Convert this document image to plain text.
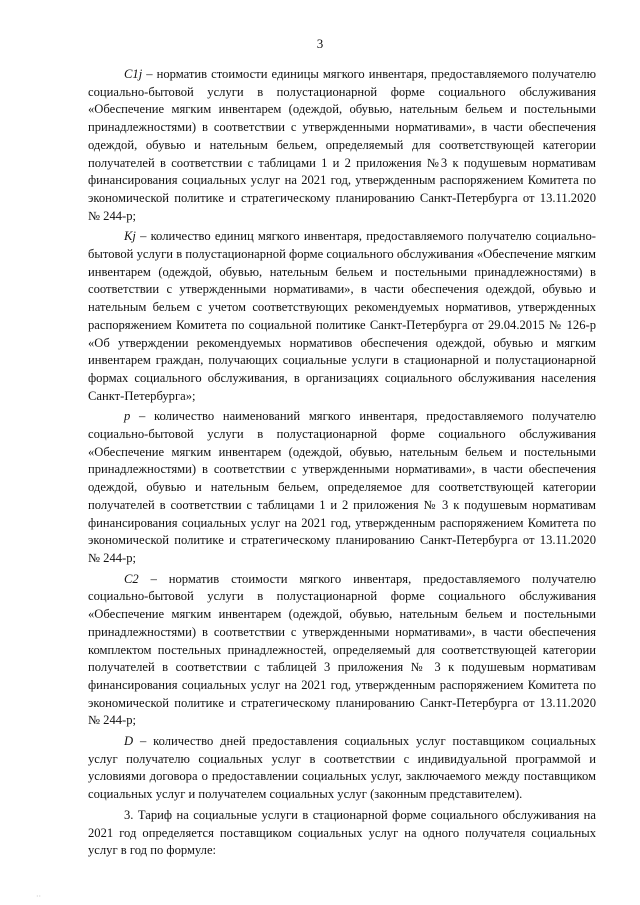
3

C1j – норматив стоимости единицы мягкого инвентаря, предоставляемого получателю социально-бытовой услуги в полустационарной форме социального обслуживания «Обеспечение мягким инвентарем (одеждой, обувью, нательным бельем и постельными принадлежностями) в соответствии с утвержденными нормативами», в части обеспечения одеждой, обувью и нательным бельем, определяемый для соответствующей категории получателей в соответствии с таблицами 1 и 2 приложения №3 к подушевым нормативам финансирования социальных услуг на 2021 год, утвержденным распоряжением Комитета по экономической политике и стратегическому планированию Санкт-Петербурга от 13.11.2020 № 244-р;

Kj – количество единиц мягкого инвентаря, предоставляемого получателю социально-бытовой услуги в полустационарной форме социального обслуживания «Обеспечение мягким инвентарем (одеждой, обувью, нательным бельем и постельными принадлежностями) в соответствии с утвержденными нормативами», в части обеспечения одеждой, обувью и нательным бельем с учетом соответствующих рекомендуемых нормативов, утвержденных распоряжением Комитета по социальной политике Санкт-Петербурга от 29.04.2015 № 126-р «Об утверждении рекомендуемых нормативов обеспечения одеждой, обувью и мягким инвентарем граждан, получающих социальные услуги в стационарной и полустационарной формах социального обслуживания, в организациях социального обслуживания населения Санкт-Петербурга»;

p – количество наименований мягкого инвентаря, предоставляемого получателю социально-бытовой услуги в полустационарной форме социального обслуживания «Обеспечение мягким инвентарем (одеждой, обувью, нательным бельем и постельными принадлежностями) в соответствии с утвержденными нормативами», в части обеспечения одеждой, обувью и нательным бельем, определяемое для соответствующей категории получателей в соответствии с таблицами 1 и 2 приложения № 3 к подушевым нормативам финансирования социальных услуг на 2021 год, утвержденным распоряжением Комитета по экономической политике и стратегическому планированию Санкт-Петербурга от 13.11.2020 № 244-р;

C2 – норматив стоимости мягкого инвентаря, предоставляемого получателю социально-бытовой услуги в полустационарной форме социального обслуживания «Обеспечение мягким инвентарем (одеждой, обувью, нательным бельем и постельными принадлежностями) в соответствии с утвержденными нормативами», в части обеспечения комплектом постельных принадлежностей, определяемый для соответствующей категории получателей в соответствии с таблицей 3 приложения № 3 к подушевым нормативам финансирования социальных услуг на 2021 год, утвержденным распоряжением Комитета по экономической политике и стратегическому планированию Санкт-Петербурга от 13.11.2020 № 244-р;

D – количество дней предоставления социальных услуг поставщиком социальных услуг получателю социальных услуг в соответствии с индивидуальной программой и условиями договора о предоставлении социальных услуг, заключаемого между поставщиком социальных услуг и получателем социальных услуг (законным представителем).

3. Тариф на социальные услуги в стационарной форме социального обслуживания на 2021 год определяется поставщиком социальных услуг на одного получателя социальных услуг в год по формуле:

··
